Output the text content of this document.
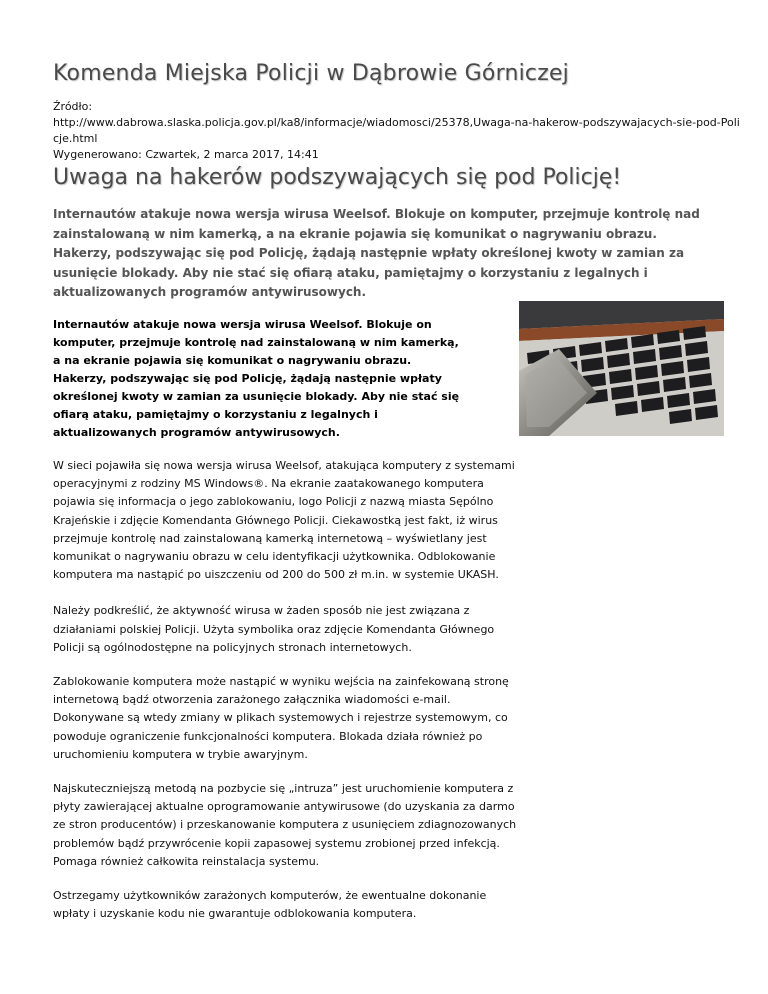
Komenda Miejska Policji w Dąbrowie Górniczej
Źródło:
http://www.dabrowa.slaska.policja.gov.pl/ka8/informacje/wiadomosci/25378,Uwaga-na-hakerow-podszywajacych-sie-pod-Poli
cje.html
Wygenerowano: Czwartek, 2 marca 2017, 14:41
Uwaga na hakerów podszywających się pod Policję!
Internautów atakuje nowa wersja wirusa Weelsof. Blokuje on komputer, przejmuje kontrolę nad zainstalowaną w nim kamerką, a na ekranie pojawia się komunikat o nagrywaniu obrazu. Hakerzy, podszywając się pod Policję, żądają następnie wpłaty określonej kwoty w zamian za usunięcie blokady. Aby nie stać się ofiarą ataku, pamiętajmy o korzystaniu z legalnych i aktualizowanych programów antywirusowych.
Internautów atakuje nowa wersja wirusa Weelsof. Blokuje on komputer, przejmuje kontrolę nad zainstalowaną w nim kamerką, a na ekranie pojawia się komunikat o nagrywaniu obrazu. Hakerzy, podszywając się pod Policję, żądają następnie wpłaty określonej kwoty w zamian za usunięcie blokady. Aby nie stać się ofiarą ataku, pamiętajmy o korzystaniu z legalnych i aktualizowanych programów antywirusowych.

W sieci pojawiła się nowa wersja wirusa Weelsof, atakująca komputery z systemami operacyjnymi z rodziny MS Windows®. Na ekranie zaatakowanego komputera pojawia się informacja o jego zablokowaniu, logo Policji z nazwą miasta Sępólno Krajeńskie i zdjęcie Komendanta Głównego Policji. Ciekawostką jest fakt, iż wirus przejmuje kontrolę nad zainstalowaną kamerką internetową – wyświetlany jest komunikat o nagrywaniu obrazu w celu identyfikacji użytkownika. Odblokowanie komputera ma nastąpić po uiszczeniu od 200 do 500 zł m.in. w systemie UKASH.

Należy podkreślić, że aktywność wirusa w żaden sposób nie jest związana z działaniami polskiej Policji. Użyta symbolika oraz zdjęcie Komendanta Głównego Policji są ogólnodostępne na policyjnych stronach internetowych.

Zablokowanie komputera może nastąpić w wyniku wejścia na zainfekowaną stronę internetową bądź otworzenia zarażonego załącznika wiadomości e-mail. Dokonywane są wtedy zmiany w plikach systemowych i rejestrze systemowym, co powoduje ograniczenie funkcjonalności komputera. Blokada działa również po uruchomieniu komputera w trybie awaryjnym.

Najskuteczniejszą metodą na pozbycie się „intruza” jest uruchomienie komputera z płyty zawierającej aktualne oprogramowanie antywirusowe (do uzyskania za darmo ze stron producentów) i przeskanowanie komputera z usunięciem zdiagnozowanych problemów bądź przywrócenie kopii zapasowej systemu zrobionej przed infekcją. Pomaga również całkowita reinstalacja systemu.

Ostrzegamy użytkowników zarażonych komputerów, że ewentualne dokonanie wpłaty i uzyskanie kodu nie gwarantuje odblokowania komputera.
